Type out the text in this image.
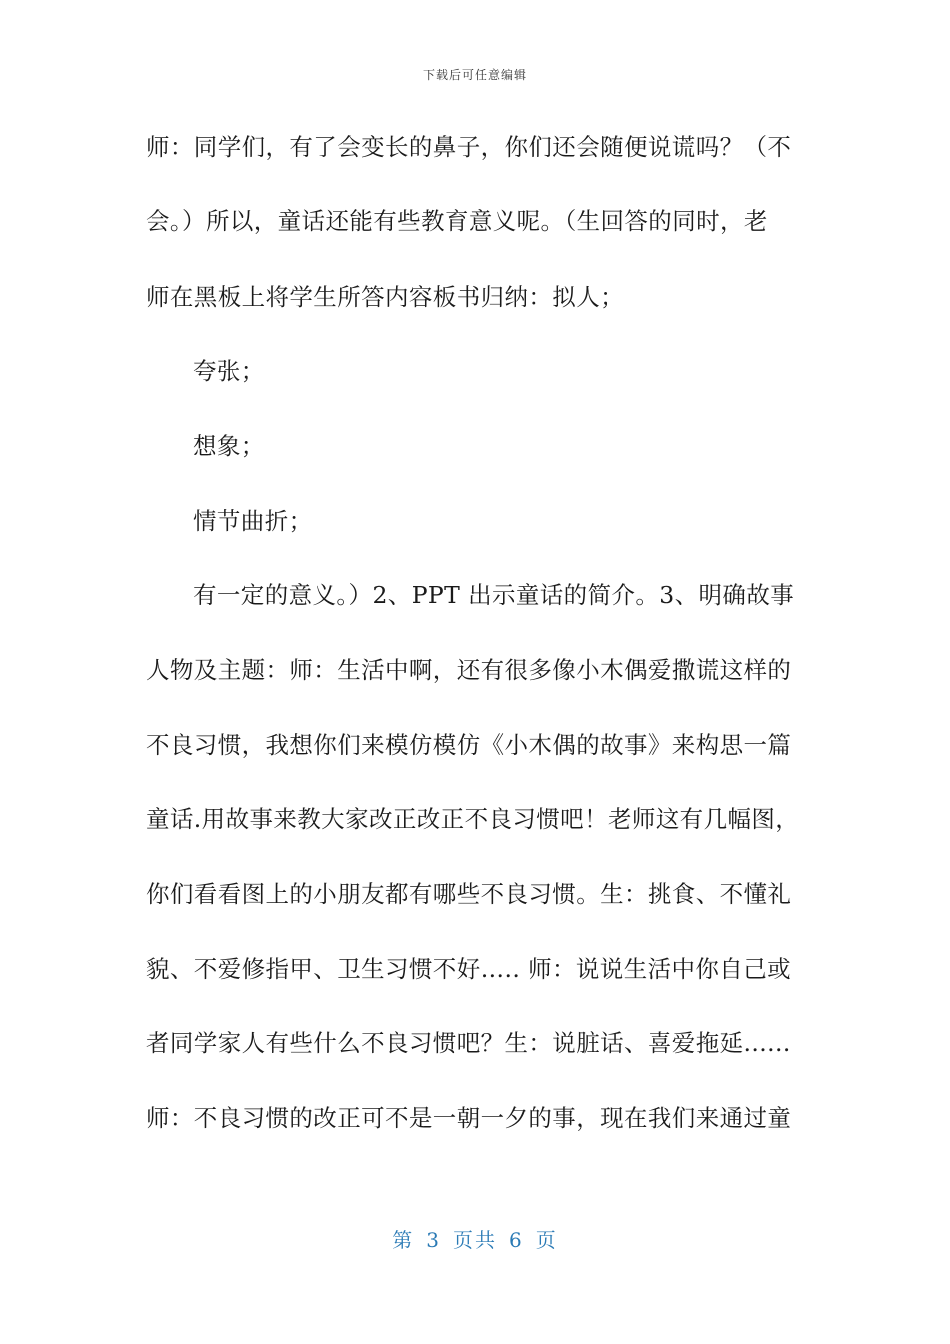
下载后可任意编辑
师：同学们，有了会变长的鼻子，你们还会随便说谎吗？（不
会。）所以，童话还能有些教育意义呢。（生回答的同时，老
师在黑板上将学生所答内容板书归纳：拟人；
夸张；
想象；
情节曲折；
有一定的意义。）2、PPT 出示童话的简介。3、明确故事
人物及主题：师：生活中啊，还有很多像小木偶爱撒谎这样的
不良习惯，我想你们来模仿模仿《小木偶的故事》来构思一篇
童话.用故事来教大家改正改正不良习惯吧！老师这有几幅图，
你们看看图上的小朋友都有哪些不良习惯。生：挑食、不懂礼
貌、不爱修指甲、卫生习惯不好….. 师：说说生活中你自己或
者同学家人有些什么不良习惯吧？生：说脏话、喜爱拖延......
师：不良习惯的改正可不是一朝一夕的事，现在我们来通过童
第 3 页共 6 页
